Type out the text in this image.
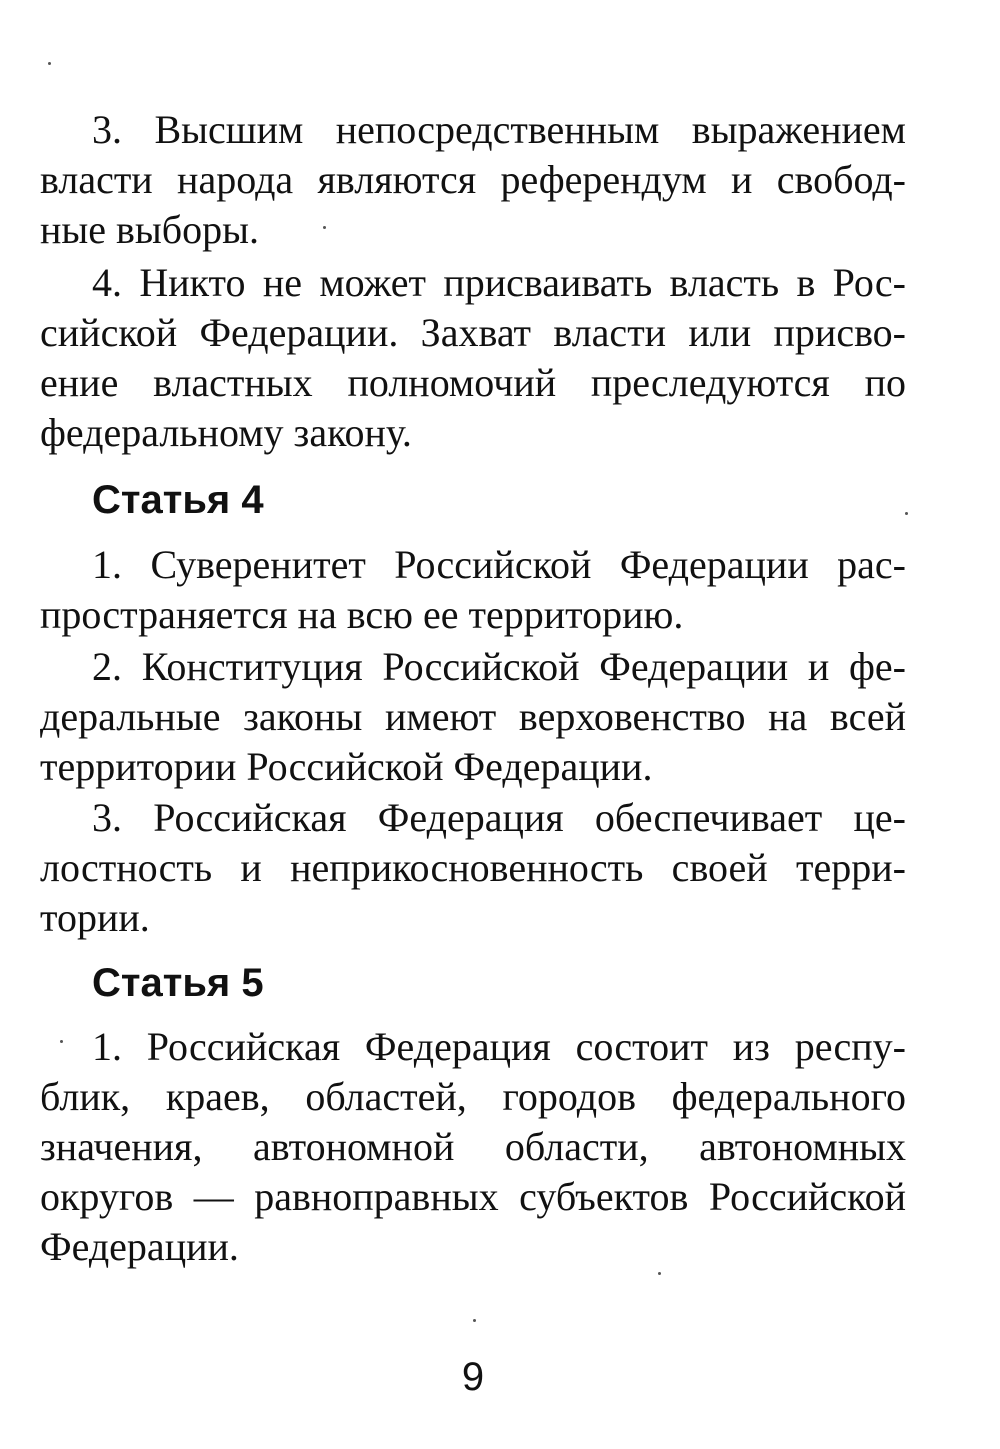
3. Высшим непосредственным выражением
власти народа являются референдум и свобод-
ные выборы.
4. Никто не может присваивать власть в Рос-
сийской Федерации. Захват власти или присво-
ение властных полномочий преследуются по
федеральному закону.
Статья 4
1. Суверенитет Российской Федерации рас-
пространяется на всю ее территорию.
2. Конституция Российской Федерации и фе-
деральные законы имеют верховенство на всей
территории Российской Федерации.
3. Российская Федерация обеспечивает це-
лостность и неприкосновенность своей терри-
тории.
Статья 5
1. Российская Федерация состоит из респу-
блик, краев, областей, городов федерального
значения, автономной области, автономных
округов — равноправных субъектов Российской
Федерации.
9
